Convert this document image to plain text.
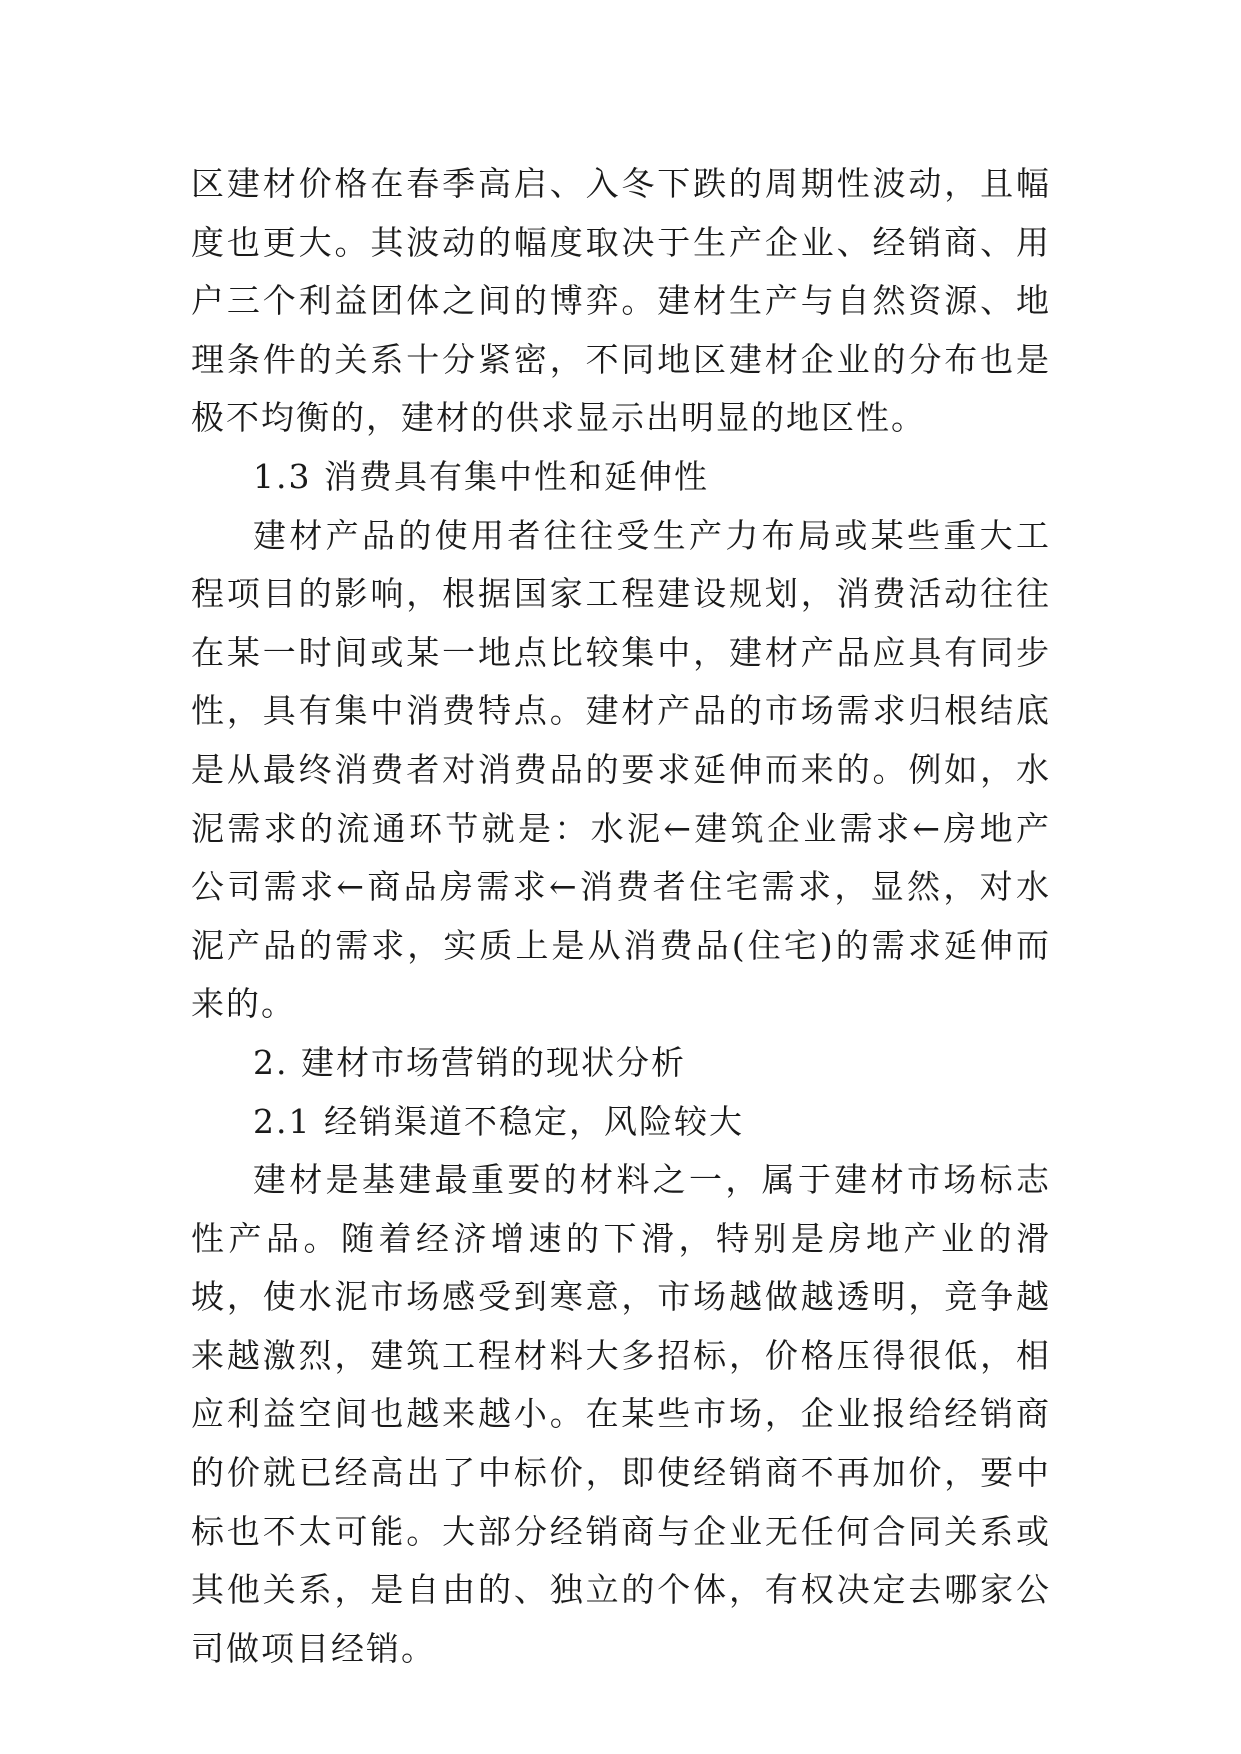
区建材价格在春季高启、入冬下跌的周期性波动，且幅度也更大。其波动的幅度取决于生产企业、经销商、用户三个利益团体之间的博弈。建材生产与自然资源、地理条件的关系十分紧密，不同地区建材企业的分布也是极不均衡的，建材的供求显示出明显的地区性。

1.3 消费具有集中性和延伸性

建材产品的使用者往往受生产力布局或某些重大工程项目的影响，根据国家工程建设规划，消费活动往往在某一时间或某一地点比较集中，建材产品应具有同步性，具有集中消费特点。建材产品的市场需求归根结底是从最终消费者对消费品的要求延伸而来的。例如，水泥需求的流通环节就是：水泥←建筑企业需求←房地产公司需求←商品房需求←消费者住宅需求，显然，对水泥产品的需求，实质上是从消费品(住宅)的需求延伸而来的。

2. 建材市场营销的现状分析

2.1 经销渠道不稳定，风险较大

建材是基建最重要的材料之一，属于建材市场标志性产品。随着经济增速的下滑，特别是房地产业的滑坡，使水泥市场感受到寒意，市场越做越透明，竞争越来越激烈，建筑工程材料大多招标，价格压得很低，相应利益空间也越来越小。在某些市场，企业报给经销商的价就已经高出了中标价，即使经销商不再加价，要中标也不太可能。大部分经销商与企业无任何合同关系或其他关系，是自由的、独立的个体，有权决定去哪家公司做项目经销。
